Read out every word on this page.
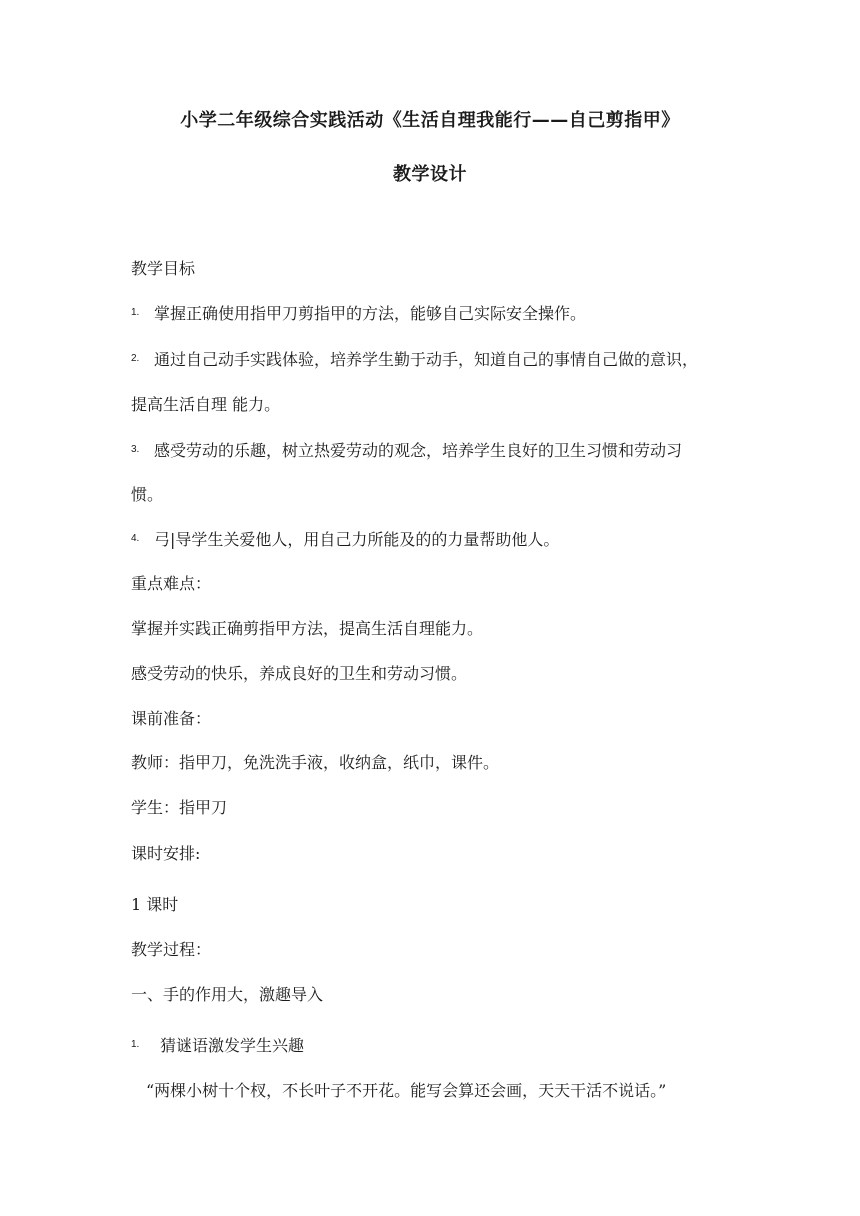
小学二年级综合实践活动《生活自理我能行——自己剪指甲》
教学设计
教学目标
1. 掌握正确使用指甲刀剪指甲的方法，能够自己实际安全操作。
2. 通过自己动手实践体验，培养学生勤于动手，知道自己的事情自己做的意识，
提高生活自理 能力。
3. 感受劳动的乐趣，树立热爱劳动的观念，培养学生良好的卫生习惯和劳动习
惯。
4. 弓|导学生关爱他人，用自己力所能及的的力量帮助他人。
重点难点：
掌握并实践正确剪指甲方法，提高生活自理能力。
感受劳动的快乐，养成良好的卫生和劳动习惯。
课前准备：
教师：指甲刀，免洗洗手液，收纳盒，纸巾，课件。
学生：指甲刀
课时安排:
1 课时
教学过程：
一、手的作用大，激趣导入
1. 猜谜语激发学生兴趣
“两棵小树十个杈，不长叶子不开花。能写会算还会画，天天干活不说话。”
